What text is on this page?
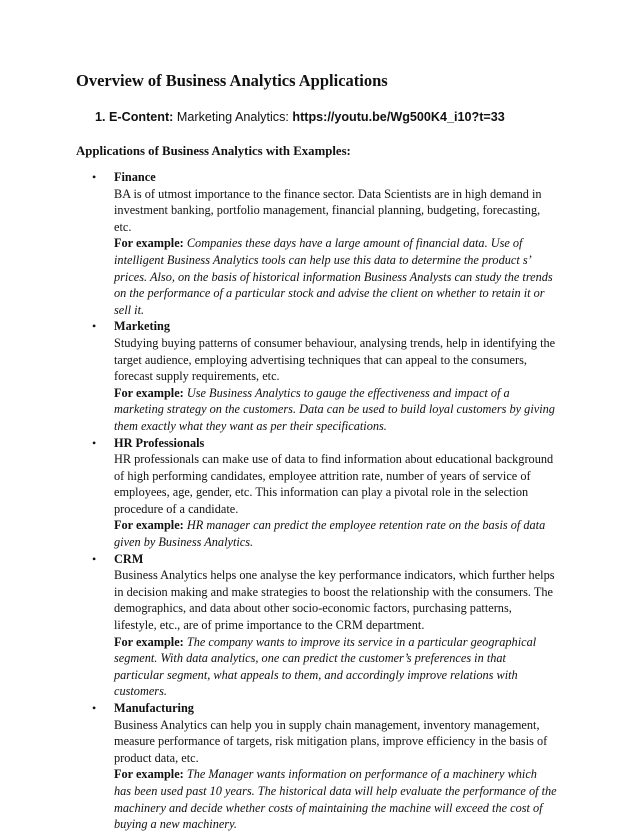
Overview of Business Analytics Applications
1. E-Content: Marketing Analytics: https://youtu.be/Wg500K4_i10?t=33
Applications of Business Analytics with Examples:
• Finance
BA is of utmost importance to the finance sector. Data Scientists are in high demand in
investment banking, portfolio management, financial planning, budgeting, forecasting,
etc.
For example: Companies these days have a large amount of financial data. Use of
intelligent Business Analytics tools can help use this data to determine the product s’
prices. Also, on the basis of historical information Business Analysts can study the trends
on the performance of a particular stock and advise the client on whether to retain it or
sell it.
• Marketing
Studying buying patterns of consumer behaviour, analysing trends, help in identifying the
target audience, employing advertising techniques that can appeal to the consumers,
forecast supply requirements, etc.
For example: Use Business Analytics to gauge the effectiveness and impact of a
marketing strategy on the customers. Data can be used to build loyal customers by giving
them exactly what they want as per their specifications.
• HR Professionals
HR professionals can make use of data to find information about educational background
of high performing candidates, employee attrition rate, number of years of service of
employees, age, gender, etc. This information can play a pivotal role in the selection
procedure of a candidate.
For example: HR manager can predict the employee retention rate on the basis of data
given by Business Analytics.
• CRM
Business Analytics helps one analyse the key performance indicators, which further helps
in decision making and make strategies to boost the relationship with the consumers. The
demographics, and data about other socio-economic factors, purchasing patterns,
lifestyle, etc., are of prime importance to the CRM department.
For example: The company wants to improve its service in a particular geographical
segment. With data analytics, one can predict the customer’s preferences in that
particular segment, what appeals to them, and accordingly improve relations with
customers.
• Manufacturing
Business Analytics can help you in supply chain management, inventory management,
measure performance of targets, risk mitigation plans, improve efficiency in the basis of
product data, etc.
For example: The Manager wants information on performance of a machinery which
has been used past 10 years. The historical data will help evaluate the performance of the
machinery and decide whether costs of maintaining the machine will exceed the cost of
buying a new machinery.
